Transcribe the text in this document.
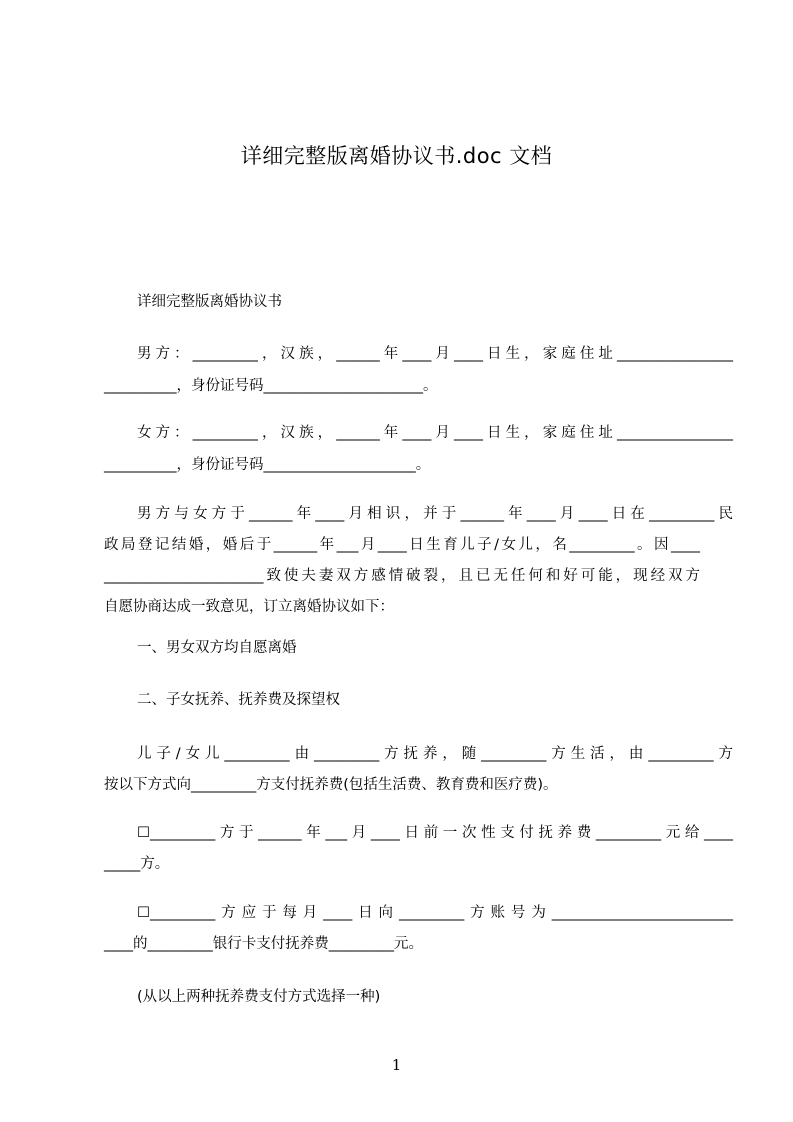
详细完整版离婚协议书.doc 文档
详细完整版离婚协议书
男方：_________，汉族，______年____月____日生，家庭住址________________
__________，身份证号码______________________。
女方：_________，汉族，______年____月____日生，家庭住址________________
__________，身份证号码_____________________。
男方与女方于______年____月相识，并于______年____月____日在_________民
政局登记结婚，婚后于______年___月____日生育儿子/女儿，名_________。因____
______________________致使夫妻双方感情破裂，且已无任何和好可能，现经双方
自愿协商达成一致意见，订立离婚协议如下：
一、男女双方均自愿离婚
二、子女抚养、抚养费及探望权
儿子/女儿_________由_________方抚养，随_________方生活，由_________方
按以下方式向_________方支付抚养费(包括生活费、教育费和医疗费)。
☐_________方于______年___月____日前一次性支付抚养费_________元给____
_____方。
☐_________方应于每月____日向_________方账号为_________________________
____的_________银行卡支付抚养费_________元。
(从以上两种抚养费支付方式选择一种)
1
